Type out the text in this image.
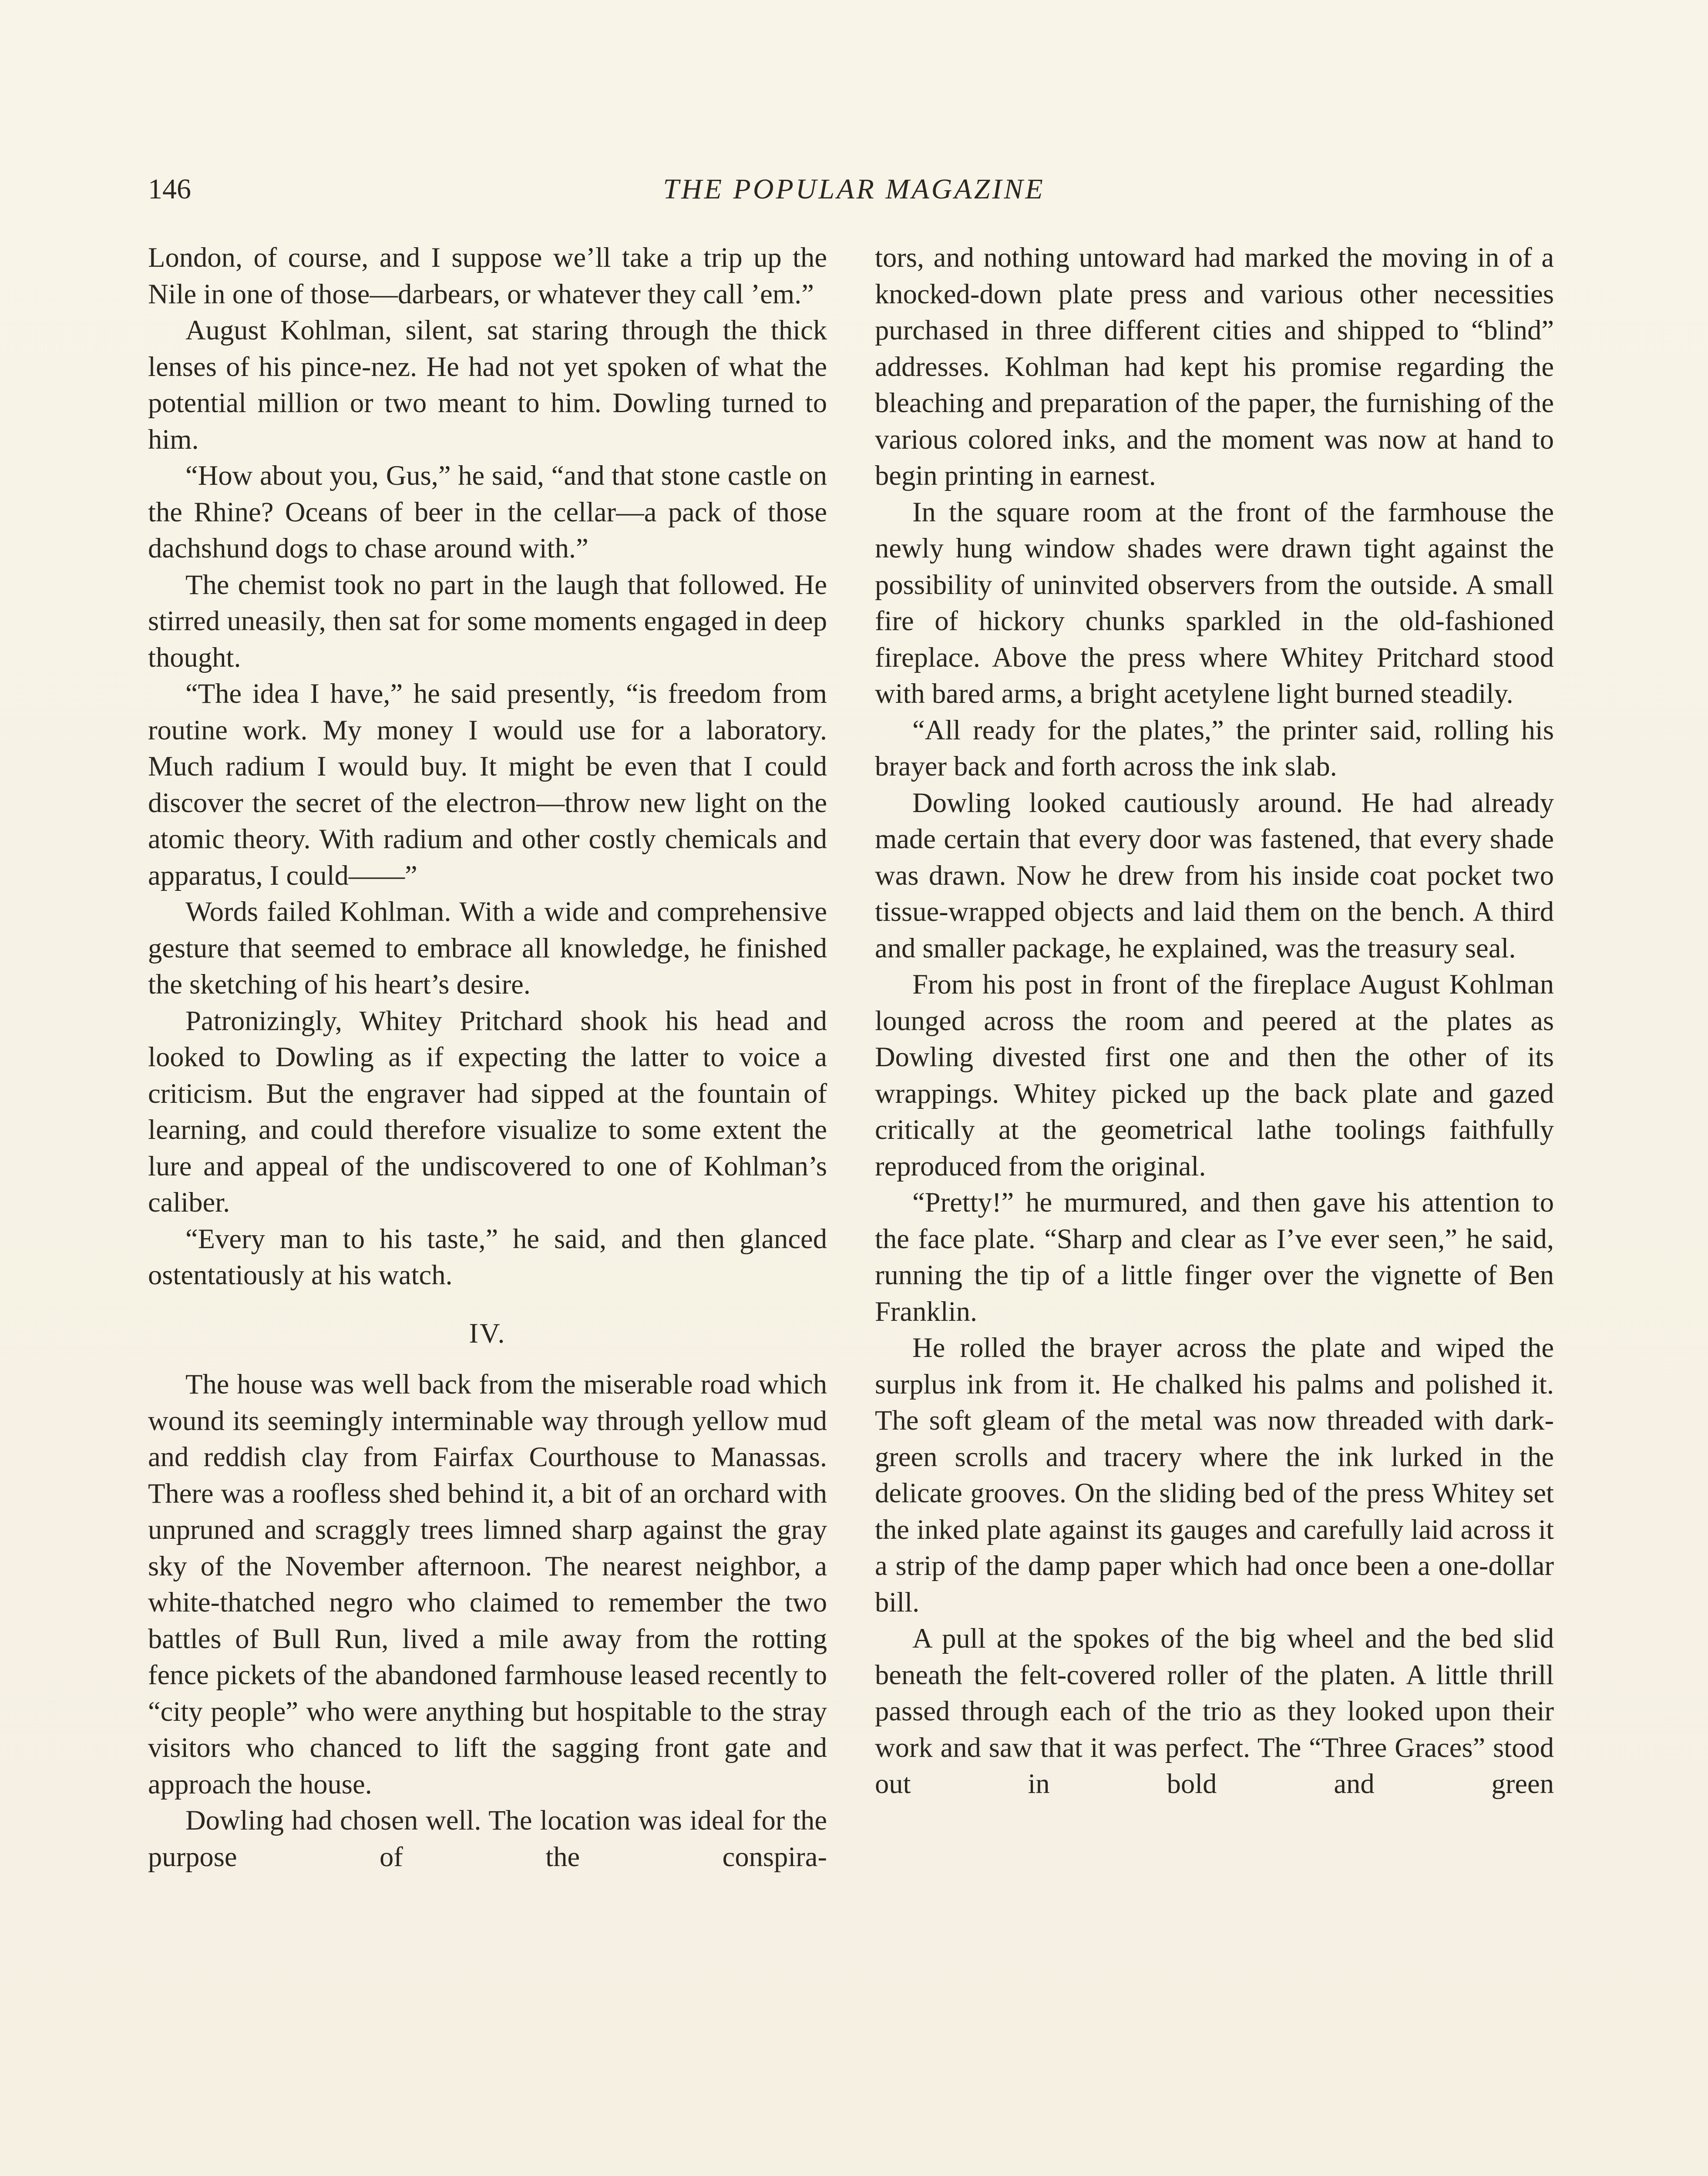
146	THE POPULAR MAGAZINE

London, of course, and I suppose we’ll take a trip up the Nile in one of those—darbears, or whatever they call ’em.”

August Kohlman, silent, sat staring through the thick lenses of his pince-nez. He had not yet spoken of what the potential million or two meant to him. Dowling turned to him.

“How about you, Gus,” he said, “and that stone castle on the Rhine? Oceans of beer in the cellar—a pack of those dachshund dogs to chase around with.”

The chemist took no part in the laugh that followed. He stirred uneasily, then sat for some moments engaged in deep thought.

“The idea I have,” he said presently, “is freedom from routine work. My money I would use for a laboratory. Much radium I would buy. It might be even that I could discover the secret of the electron—throw new light on the atomic theory. With radium and other costly chemicals and apparatus, I could——”

Words failed Kohlman. With a wide and comprehensive gesture that seemed to embrace all knowledge, he finished the sketching of his heart’s desire.

Patronizingly, Whitey Pritchard shook his head and looked to Dowling as if expecting the latter to voice a criticism. But the engraver had sipped at the fountain of learning, and could therefore visualize to some extent the lure and appeal of the undiscovered to one of Kohlman’s caliber.

“Every man to his taste,” he said, and then glanced ostentatiously at his watch.

IV.

The house was well back from the miserable road which wound its seemingly interminable way through yellow mud and reddish clay from Fairfax Courthouse to Manassas. There was a roofless shed behind it, a bit of an orchard with unpruned and scraggly trees limned sharp against the gray sky of the November afternoon. The nearest neighbor, a white-thatched negro who claimed to remember the two battles of Bull Run, lived a mile away from the rotting fence pickets of the abandoned farmhouse leased recently to “city people” who were anything but hospitable to the stray visitors who chanced to lift the sagging front gate and approach the house.

Dowling had chosen well. The location was ideal for the purpose of the conspira-

tors, and nothing untoward had marked the moving in of a knocked-down plate press and various other necessities purchased in three different cities and shipped to “blind” addresses. Kohlman had kept his promise regarding the bleaching and preparation of the paper, the furnishing of the various colored inks, and the moment was now at hand to begin printing in earnest.

In the square room at the front of the farmhouse the newly hung window shades were drawn tight against the possibility of uninvited observers from the outside. A small fire of hickory chunks sparkled in the old-fashioned fireplace. Above the press where Whitey Pritchard stood with bared arms, a bright acetylene light burned steadily.

“All ready for the plates,” the printer said, rolling his brayer back and forth across the ink slab.

Dowling looked cautiously around. He had already made certain that every door was fastened, that every shade was drawn. Now he drew from his inside coat pocket two tissue-wrapped objects and laid them on the bench. A third and smaller package, he explained, was the treasury seal.

From his post in front of the fireplace August Kohlman lounged across the room and peered at the plates as Dowling divested first one and then the other of its wrappings. Whitey picked up the back plate and gazed critically at the geometrical lathe toolings faithfully reproduced from the original.

“Pretty!” he murmured, and then gave his attention to the face plate. “Sharp and clear as I’ve ever seen,” he said, running the tip of a little finger over the vignette of Ben Franklin.

He rolled the brayer across the plate and wiped the surplus ink from it. He chalked his palms and polished it. The soft gleam of the metal was now threaded with dark-green scrolls and tracery where the ink lurked in the delicate grooves. On the sliding bed of the press Whitey set the inked plate against its gauges and carefully laid across it a strip of the damp paper which had once been a one-dollar bill.

A pull at the spokes of the big wheel and the bed slid beneath the felt-covered roller of the platen. A little thrill passed through each of the trio as they looked upon their work and saw that it was perfect. The “Three Graces” stood out in bold and green
